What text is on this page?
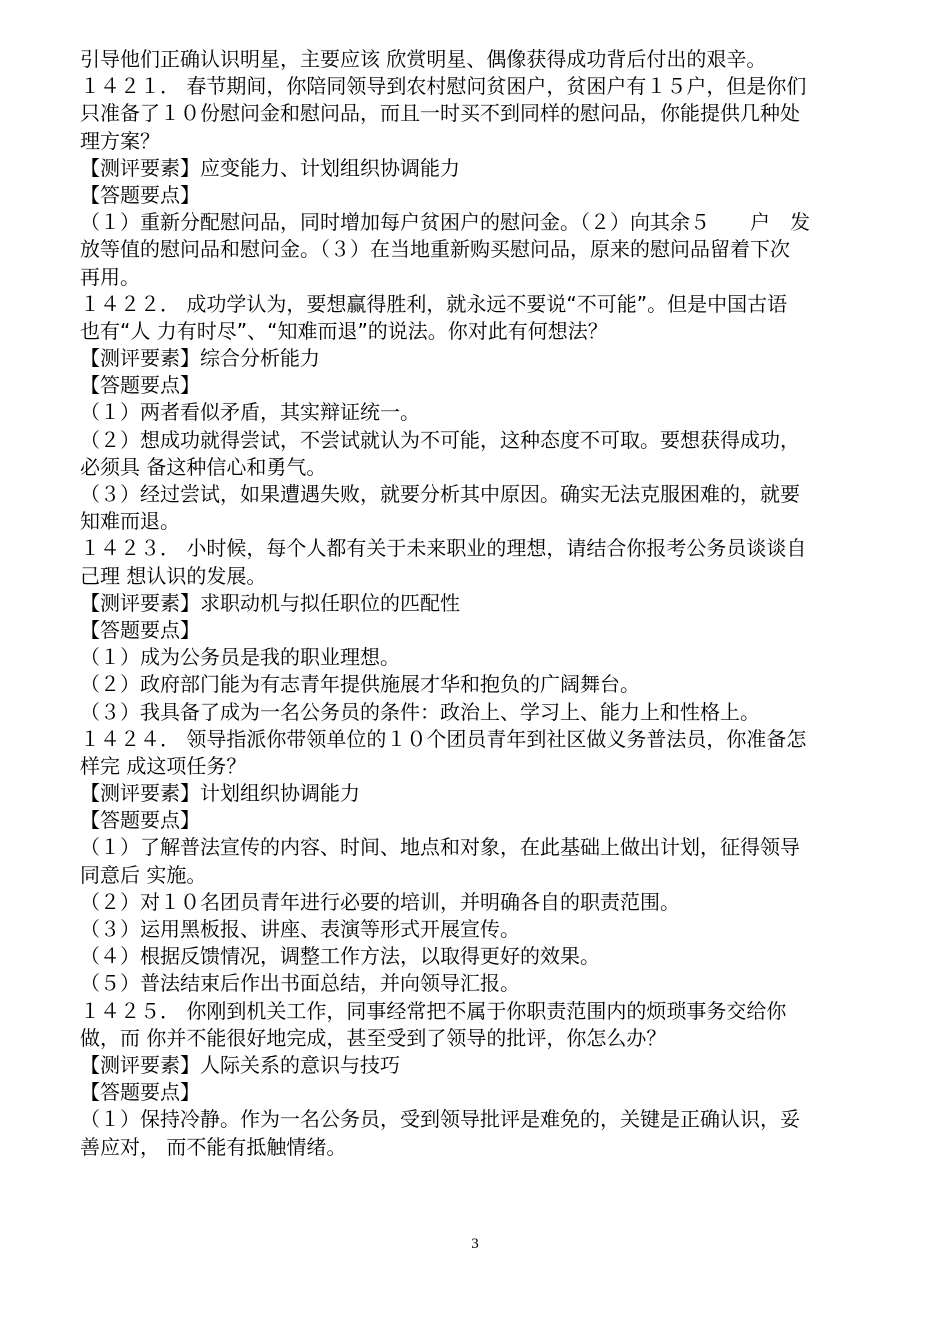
引导他们正确认识明星，主要应该 欣赏明星、偶像获得成功背后付出的艰辛。
１４２１． 春节期间，你陪同领导到农村慰问贫困户，贫困户有１５户，但是你们
只准备了１０份慰问金和慰问品，而且一时买不到同样的慰问品，你能提供几种处
理方案？
【测评要素】应变能力、计划组织协调能力
【答题要点】
（１）重新分配慰问品，同时增加每户贫困户的慰问金。（２）向其余５　　户　发
放等值的慰问品和慰问金。（３）在当地重新购买慰问品，原来的慰问品留着下次
再用。
１４２２． 成功学认为，要想赢得胜利，就永远不要说“不可能”。但是中国古语
也有“人 力有时尽”、“知难而退”的说法。你对此有何想法？
【测评要素】综合分析能力
【答题要点】
（１）两者看似矛盾，其实辩证统一。
（２）想成功就得尝试，不尝试就认为不可能，这种态度不可取。要想获得成功，
必须具 备这种信心和勇气。
（３）经过尝试，如果遭遇失败，就要分析其中原因。确实无法克服困难的，就要
知难而退。
１４２３． 小时候，每个人都有关于未来职业的理想，请结合你报考公务员谈谈自
己理 想认识的发展。
【测评要素】求职动机与拟任职位的匹配性
【答题要点】
（１）成为公务员是我的职业理想。
（２）政府部门能为有志青年提供施展才华和抱负的广阔舞台。
（３）我具备了成为一名公务员的条件：政治上、学习上、能力上和性格上。
１４２４． 领导指派你带领单位的１０个团员青年到社区做义务普法员，你准备怎
样完 成这项任务？
【测评要素】计划组织协调能力
【答题要点】
（１）了解普法宣传的内容、时间、地点和对象，在此基础上做出计划，征得领导
同意后 实施。
（２）对１０名团员青年进行必要的培训，并明确各自的职责范围。
（３）运用黑板报、讲座、表演等形式开展宣传。
（４）根据反馈情况，调整工作方法，以取得更好的效果。
（５）普法结束后作出书面总结，并向领导汇报。
１４２５． 你刚到机关工作，同事经常把不属于你职责范围内的烦琐事务交给你
做，而 你并不能很好地完成，甚至受到了领导的批评，你怎么办？
【测评要素】人际关系的意识与技巧
【答题要点】
（１）保持冷静。作为一名公务员，受到领导批评是难免的，关键是正确认识，妥
善应对， 而不能有抵触情绪。
3
